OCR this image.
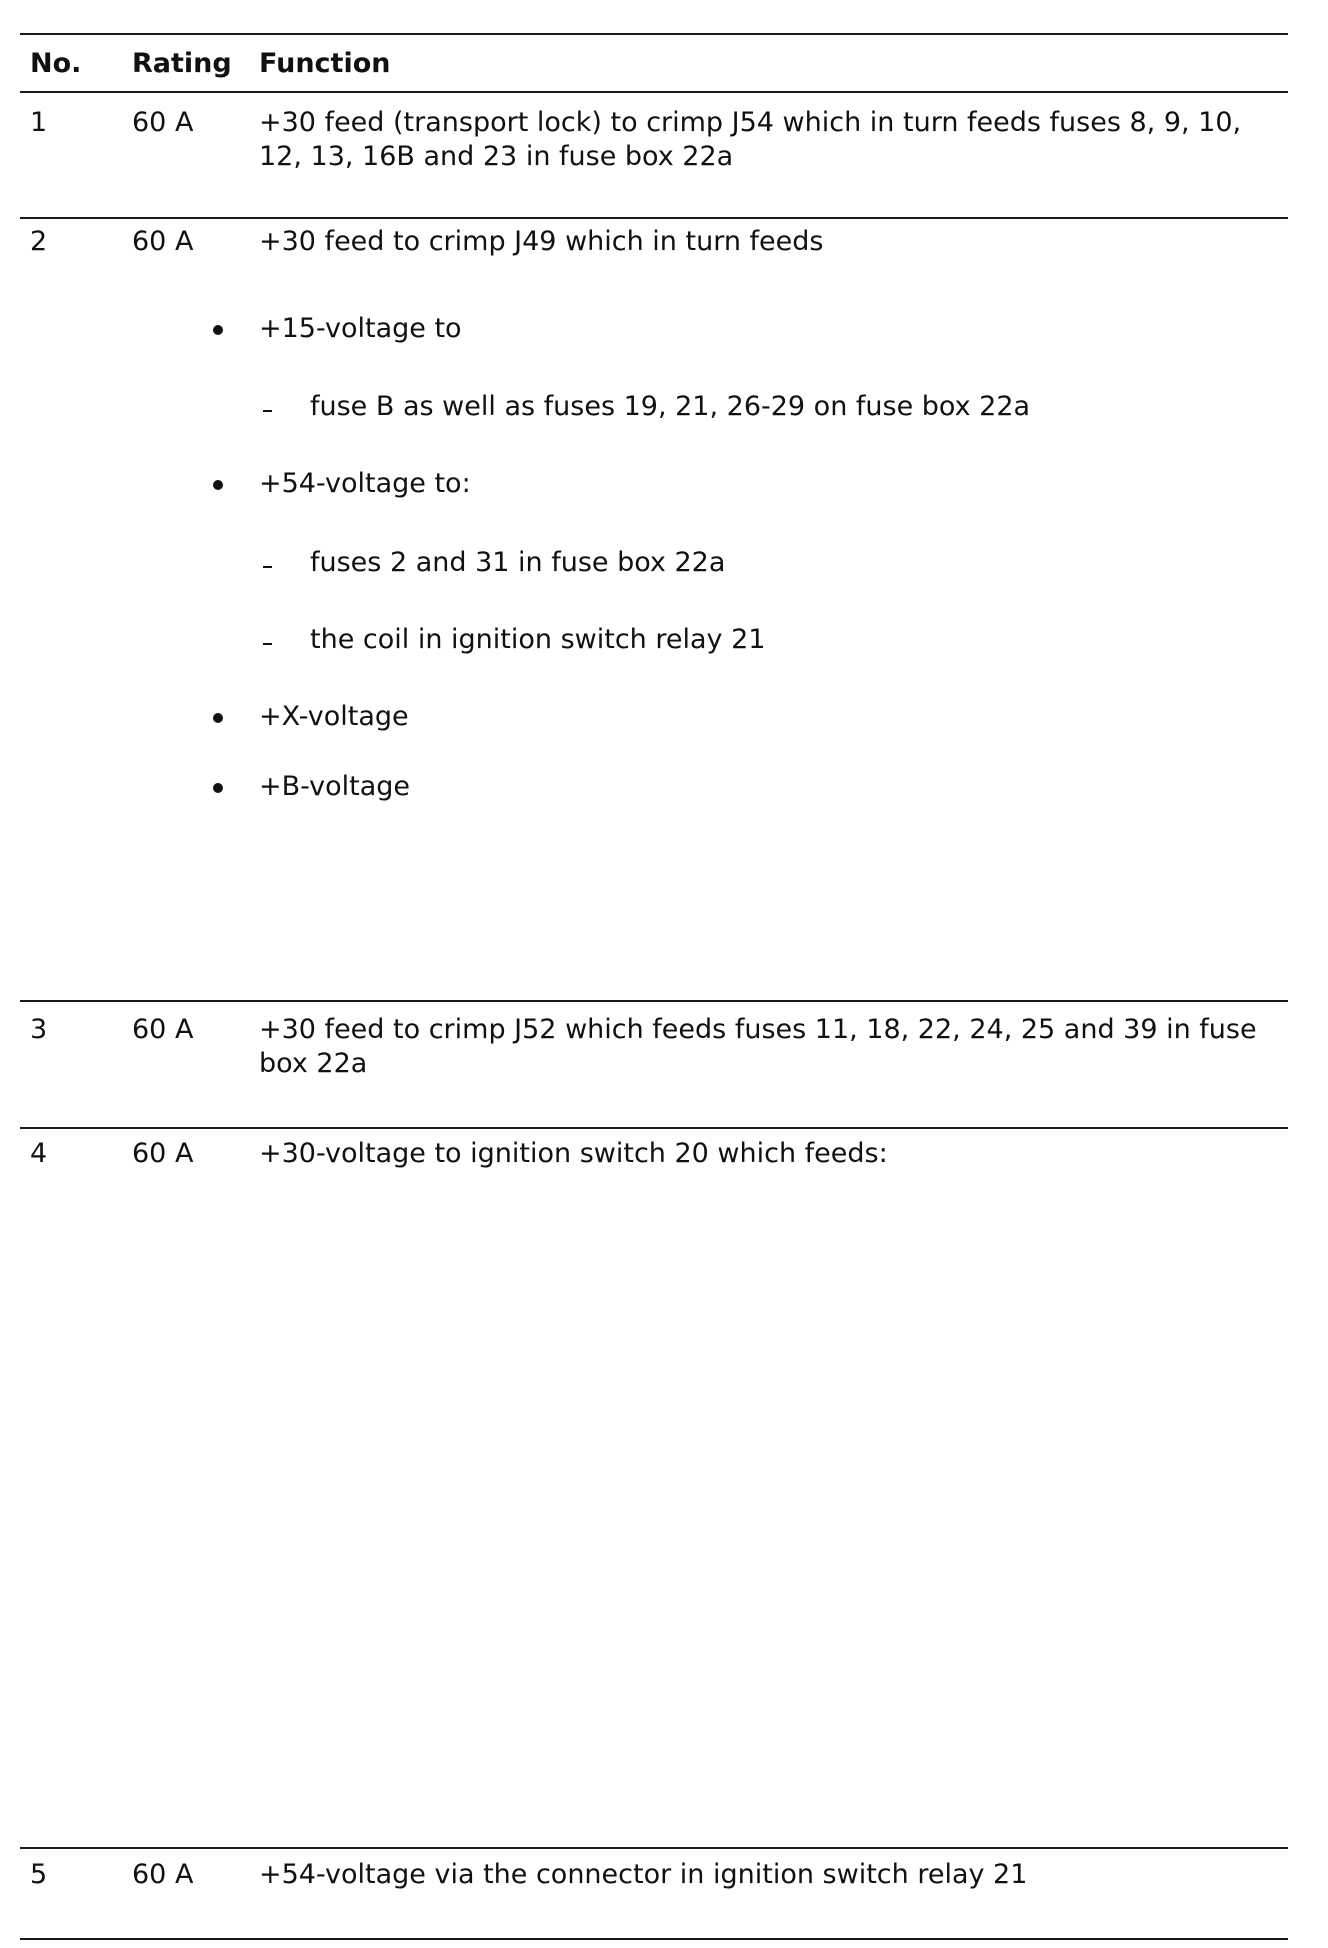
No. Rating Function
1	60 A +30 feed (transport lock) to crimp J54 which in turn feeds fuses 8, 9, 10, 12, 13, 16B and 23 in fuse box 22a
2	60 A +30 feed to crimp J49 which in turn feeds
+15-voltage to
fuse B as well as fuses 19, 21, 26-29 on fuse box 22a
+54-voltage to:
fuses 2 and 31 in fuse box 22a
the coil in ignition switch relay 21
+X-voltage
+B-voltage
3	60 A +30 feed to crimp J52 which feeds fuses 11, 18, 22, 24, 25 and 39 in fuse box 22a
4	60 A +30-voltage to ignition switch 20 which feeds:
5	60 A +54-voltage via the connector in ignition switch relay 21
